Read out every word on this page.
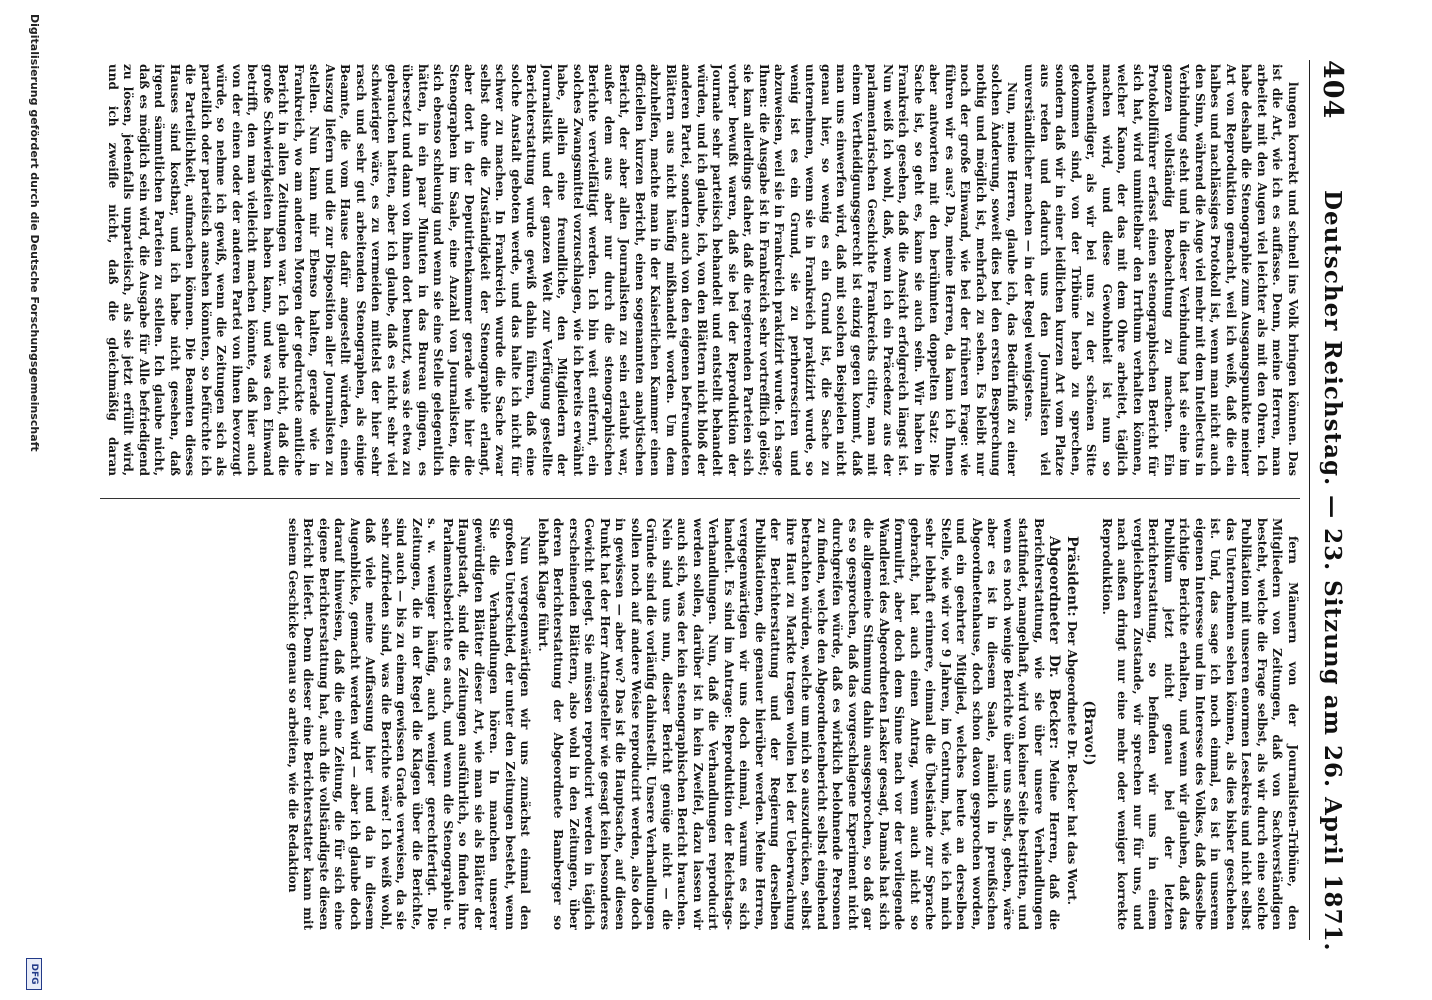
404
Deutscher Reichstag. — 23. Sitzung am 26. April 1871.

lungen korrekt und schnell ins Volk bringen können. Das ist die Art, wie ich es auffasse. Denn, meine Herren, man arbeitet mit den Augen viel leichter als mit den Ohren. Ich habe deshalb die Stenographie zum Ausgangspunkte meiner Art von Reproduktion gemacht, weil ich weiß, daß die ein halbes und nachlässiges Protokoll ist, wenn man nicht auch den Sinn, während die Auge viel mehr mit dem Intellectus in Verbindung steht und in dieser Verbindung hat sie eine im ganzen vollständig Beobachtung zu machen. Ein Protokollführer erfasst einen stenographischen Bericht für sich hat, wird unmittelbar den Irrthum verhalten können, welcher Kanon, der das mit dem Ohre arbeitet, täglich machen wird, und diese Gewohnheit ist nun so nothwendiger, als wir bei uns zu der schönen Sitte gekommen sind, von der Tribüne herab zu sprechen, sondern daß wir in einer leidlichen kurzen Art vom Platze aus reden und dadurch uns den Journalisten viel unverständlicher machen — in der Regel wenigstens.

Nun, meine Herren, glaube ich, das Bedürfniß zu einer solchen Änderung, soweit dies bei den ersten Besprechung nothig und möglich ist, mehrfach zu sehen. Es bleibt nur noch der große Einwand, wie bei der früheren Frage: wie führen wir es aus? Da, meine Herren, da kann ich Ihnen aber antworten mit den berühmten doppelten Satz: Die Sache ist, so geht es, kann sie auch sein. Wir haben in Frankreich gesehen, daß die Ansicht erfolgreich längst ist. Nun weiß ich wohl, daß, wenn ich ein Präcedenz aus der parlamentarischen Geschichte Frankreichs citire, man mit einem Vertheidigungsgerecht ist einzig gegen kommt, daß man uns einwerfen wird, daß mit solchen Beispielen nicht genau hier, so wenig es ein Grund ist, die Sache zu unternehmen, wenn sie in Frankreich praktizirt wurde, so wenig ist es ein Grund, sie zu perhorresciren und abzuweisen, weil sie in Frankreich praktizirt wurde. Ich sage Ihnen: die Ausgabe ist in Frankreich sehr vortrefflich gelöst; sie kam allerdings daher, daß die regierenden Parteien sich vorher bewußt waren, daß sie bei der Reproduktion der Journale sehr parteiisch behandelt und entstellt behandelt würden, und ich glaube, ich, von den Blättern nicht bloß der anderen Partei, sondern auch von den eigenen befreundeten Blättern aus nicht häufig mißhandelt worden. Um dem abzuhelfen, machte man in der Kaiserlichen Kammer einen officiellen kurzen Bericht, einen sogenannten analytischen Bericht, der aber allen Journalisten zu sein erlaubt war, außer dem aus aber nur durch die stenographischen Berichte vervielfältigt werden. Ich bin weit entfernt, ein solches Zwangsmittel vorzuschlagen, wie ich bereits erwähnt habe, allein eine freundliche, den Mitgliedern der Journalistik und der ganzen Welt zur Verfügung gestellte Berichterstattung wurde gewiß dahin führen, daß eine solche Anstalt geboten werde, und das halte ich nicht für schwer zu machen. In Frankreich wurde die Sache zwar selbst ohne die Zuständigkeit der Stenographie erlangt, aber dort in der Deputirtenkammer gerade wie hier die Stenographen im Saale, eine Anzahl von Journalisten, die sich ebenso schleunig und wenn sie eine Stelle gelegentlich hätten, in ein paar Minuten in das Bureau gingen, es übersetzt und dann von ihnen dort benutzt, was sie etwa zu gebrauchen hatten, aber ich glaube, daß es nicht sehr viel schwieriger wäre, es zu vermeiden mittelst der hier sehr rasch und sehr gut arbeitenden Stenographen, als einige Beamte, die vom Hause dafür angestellt würden, einen Auszug liefern und die zur Disposition aller Journalisten zu stellen. Nun kann mir Ebenso halten, gerade wie in Frankreich, wo am anderen Morgen der gedruckte amtliche Bericht in allen Zeitungen war. Ich glaube nicht, daß die große Schwierigkeiten haben kann, und was den Einwand betrifft, den man vielleicht machen könnte, daß hier auch von der einen oder der anderen Partei von ihnen bevorzugt würde, so nehme ich gewiß, wenn die Zeitungen sich als parteilich oder parteiisch ansehen könnten, so befürchte ich die Parteilichkeit, aufmachen können. Die Beamten dieses Hauses sind kostbar, und ich habe nicht gesehen, daß irgend sämmtlichen Parteien zu stellen. Ich glaube nicht, daß es möglich sein wird, die Ausgabe für Alle befriedigend zu lösen, jedenfalls unparteiisch, als sie jetzt erfüllt wird, und ich zweifle nicht, daß die gleichmäßig daran

fern Männern von der Journalisten-Tribüne, den Mitgliedern von Zeitungen, daß von Sachverständigen besteht, welche die Frage selbst, als wir durch eine solche Publikation mit unseren enormen Lesekreis und nicht selbst das Unternehmen sehen können, als dies bisher geschehen ist. Und, das sage ich noch einmal, es ist in unserem eigenen Interesse und im Interesse des Volkes, daß dasselbe richtige Berichte erhalten, und wenn wir glauben, daß das Publikum jetzt nicht genau bei der letzten Berichterstattung, so befinden wir uns in einem vergleichbaren Zustande, wir sprechen nur für uns, und nach außen dringt nur eine mehr oder weniger korrekte Reproduktion.

(Bravo!)

Präsident: Der Abgeordnete Dr. Becker hat das Wort.

Abgeordneter Dr. Becker: Meine Herren, daß die Berichterstattung, wie sie über unsere Verhandlungen stattfindet, mangelhaft, wird von keiner Seite bestritten, und wenn es noch wenige Berichte über uns selbst, geben, wäre aber es ist in diesem Saale, nämlich in preußischen Abgeordnetenhause, doch schon davon gesprochen worden, und ein geehrter Mitglied, welches heute an derselben Stelle, wie wir vor 9 Jahren, im Centrum, hat, wie ich mich sehr lebhaft erinnere, einmal die Übelstände zur Sprache gebracht, hat auch einen Antrag, wenn auch nicht so formulirt, aber doch dem Sinne nach vor der vorliegende Wandlerei des Abgeordneten Lasker gesagt, Damals hat sich die allgemeine Stimmung dahin ausgesprochen, so daß gar es so gesprochen, daß das vorgeschlagene Experiment nicht durchgreifen würde, daß es wirklich belohnende Personen zu finden, welche den Abgeordnetenbericht selbst eingehend betrachten würden, welche um mich so auszudrücken, selbst ihre Haut zu Markte tragen wollen bei der Ueberwachung der Berichterstattung und der Regierung derselben Publikationen, die genauer hierüber werden. Meine Herren, vergegenwärtigen wir uns doch einmal, warum es sich handelt. Es sind im Antrage: Reproduktion der Reichstags-Verhandlungen. Nun, daß die Verhandlungen reproducirt werden sollen, darüber ist in kein Zweifel, dazu lassen wir auch sich, was der kein stenographischen Bericht brauchen. Nein sind uns nun, dieser Bericht genüge nicht — die Gründe sind die vorläufig dahinstellt. Unsere Verhandlungen sollen noch auf andere Weise reproducirt werden, also doch in gewissen — aber wo? Das ist die Hauptsache, auf diesen Punkt hat der Herr Antragsteller wie gesagt kein besonderes Gewicht gelegt. Sie müssen reproducirt werden in täglich erscheinenden Blättern, also wohl in den Zeitungen, über deren Berichterstattung der Abgeordnete Bamberger so lebhaft Klage führt.

Nun vergegenwärtigen wir uns zunächst einmal den großen Unterschied, der unter den Zeitungen besteht, wenn Sie die Verhandlungen hören. In manchen unserer gewürdigten Blätter dieser Art, wie man sie als Blätter der Hauptstadt, sind die Zeitungen ausführlich, so finden ihre Parlamentsberichte es auch, und wenn die Stenographie u. s. w. weniger häufig, auch weniger gerechtfertigt. Die Zeitungen, die in der Regel die Klagen über die Berichte, sind auch — bis zu einem gewissen Grade verweisen, da sie sehr zufrieden sind, was die Berichte wäre! Ich weiß wohl, daß viele meine Auffassung hier und da in diesem Augenblicke, gemacht werden wird — aber ich glaube doch darauf hinweisen, daß die eine Zeitung, die für sich eine eigene Berichterstattung hat, auch die vollständigste diesen Bericht liefert. Denn dieser eine Berichterstatter kann mit seinem Geschicke genau so arbeiten, wie die Redaktion

Digitalisierung gefördert durch die Deutsche Forschungsgemeinschaft
DFG
